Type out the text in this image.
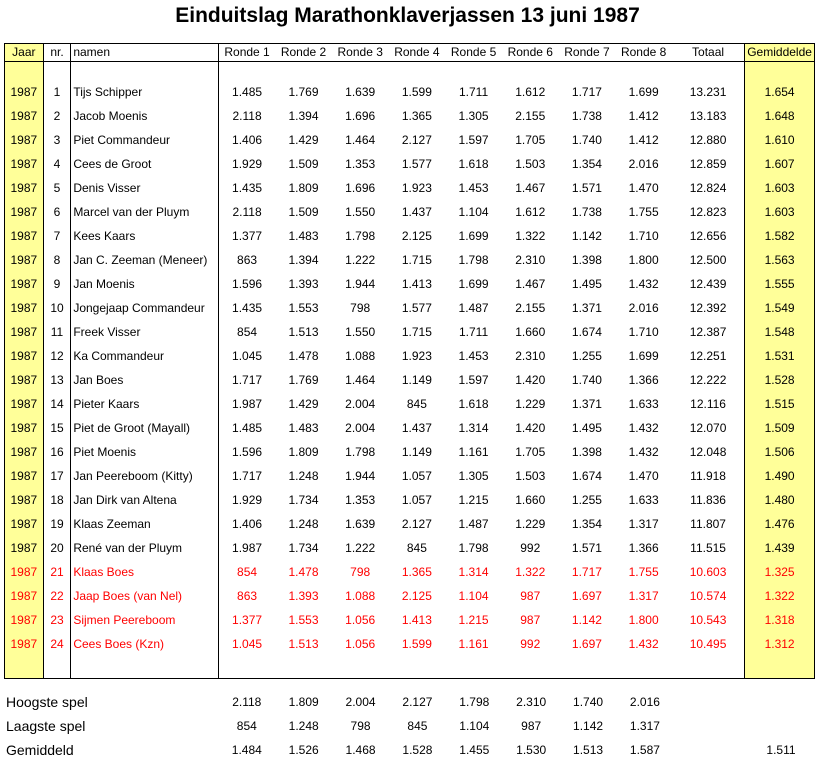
Einduitslag Marathonklaverjassen 13 juni 1987
Jaar	nr.	namen	Ronde 1	Ronde 2	Ronde 3	Ronde 4	Ronde 5	Ronde 6	Ronde 7	Ronde 8	Totaal	Gemiddelde

1987	1	Tijs Schipper	1.485	1.769	1.639	1.599	1.711	1.612	1.717	1.699	13.231	1.654
1987	2	Jacob Moenis	2.118	1.394	1.696	1.365	1.305	2.155	1.738	1.412	13.183	1.648
1987	3	Piet Commandeur	1.406	1.429	1.464	2.127	1.597	1.705	1.740	1.412	12.880	1.610
1987	4	Cees de Groot	1.929	1.509	1.353	1.577	1.618	1.503	1.354	2.016	12.859	1.607
1987	5	Denis Visser	1.435	1.809	1.696	1.923	1.453	1.467	1.571	1.470	12.824	1.603
1987	6	Marcel van der Pluym	2.118	1.509	1.550	1.437	1.104	1.612	1.738	1.755	12.823	1.603
1987	7	Kees Kaars	1.377	1.483	1.798	2.125	1.699	1.322	1.142	1.710	12.656	1.582
1987	8	Jan C. Zeeman (Meneer)	863	1.394	1.222	1.715	1.798	2.310	1.398	1.800	12.500	1.563
1987	9	Jan Moenis	1.596	1.393	1.944	1.413	1.699	1.467	1.495	1.432	12.439	1.555
1987	10	Jongejaap Commandeur	1.435	1.553	798	1.577	1.487	2.155	1.371	2.016	12.392	1.549
1987	11	Freek Visser	854	1.513	1.550	1.715	1.711	1.660	1.674	1.710	12.387	1.548
1987	12	Ka Commandeur	1.045	1.478	1.088	1.923	1.453	2.310	1.255	1.699	12.251	1.531
1987	13	Jan Boes	1.717	1.769	1.464	1.149	1.597	1.420	1.740	1.366	12.222	1.528
1987	14	Pieter Kaars	1.987	1.429	2.004	845	1.618	1.229	1.371	1.633	12.116	1.515
1987	15	Piet de Groot (Mayall)	1.485	1.483	2.004	1.437	1.314	1.420	1.495	1.432	12.070	1.509
1987	16	Piet Moenis	1.596	1.809	1.798	1.149	1.161	1.705	1.398	1.432	12.048	1.506
1987	17	Jan Peereboom (Kitty)	1.717	1.248	1.944	1.057	1.305	1.503	1.674	1.470	11.918	1.490
1987	18	Jan Dirk van Altena	1.929	1.734	1.353	1.057	1.215	1.660	1.255	1.633	11.836	1.480
1987	19	Klaas Zeeman	1.406	1.248	1.639	2.127	1.487	1.229	1.354	1.317	11.807	1.476
1987	20	René van der Pluym	1.987	1.734	1.222	845	1.798	992	1.571	1.366	11.515	1.439
1987	21	Klaas Boes	854	1.478	798	1.365	1.314	1.322	1.717	1.755	10.603	1.325
1987	22	Jaap Boes (van Nel)	863	1.393	1.088	2.125	1.104	987	1.697	1.317	10.574	1.322
1987	23	Sijmen Peereboom	1.377	1.553	1.056	1.413	1.215	987	1.142	1.800	10.543	1.318
1987	24	Cees Boes (Kzn)	1.045	1.513	1.056	1.599	1.161	992	1.697	1.432	10.495	1.312

Hoogste spel	2.118	1.809	2.004	2.127	1.798	2.310	1.740	2.016		
Laagste spel	854	1.248	798	845	1.104	987	1.142	1.317		
Gemiddeld	1.484	1.526	1.468	1.528	1.455	1.530	1.513	1.587		1.511
